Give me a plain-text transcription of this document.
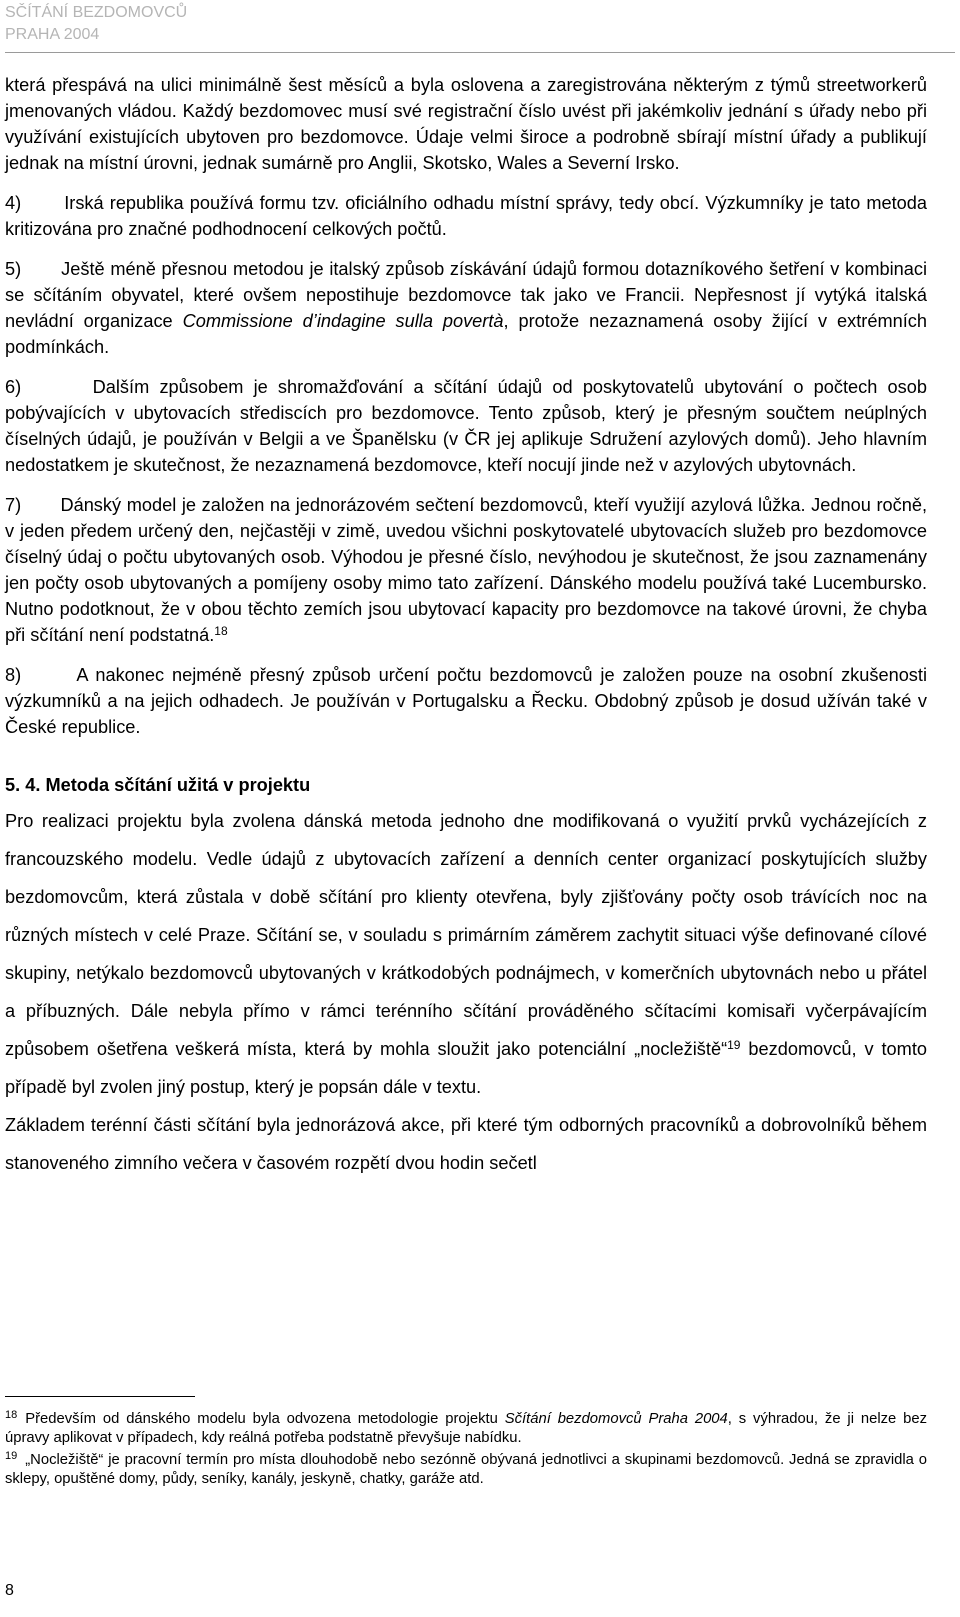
SČÍTÁNÍ BEZDOMOVCŮ
PRAHA 2004

která přespává na ulici minimálně šest měsíců a byla oslovena a zaregistrována některým z týmů streetworkerů jmenovaných vládou. Každý bezdomovec musí své registrační číslo uvést při jakémkoliv jednání s úřady nebo při využívání existujících ubytoven pro bezdomovce. Údaje velmi široce a podrobně sbírají místní úřady a publikují jednak na místní úrovni, jednak sumárně pro Anglii, Skotsko, Wales a Severní Irsko.

4)       Irská republika používá formu tzv. oficiálního odhadu místní správy, tedy obcí. Výzkumníky je tato metoda kritizována pro značné podhodnocení celkových počtů.

5)       Ještě méně přesnou metodou je italský způsob získávání údajů formou dotazníkového šetření v kombinaci se sčítáním obyvatel, které ovšem nepostihuje bezdomovce tak jako ve Francii. Nepřesnost jí vytýká italská nevládní organizace Commissione d’indagine sulla povertà, protože nezaznamená osoby žijící v extrémních podmínkách.

6)       Dalším způsobem je shromažďování a sčítání údajů od poskytovatelů ubytování o počtech osob pobývajících v ubytovacích střediscích pro bezdomovce. Tento způsob, který je přesným součtem neúplných číselných údajů, je používán v Belgii a ve Španělsku (v ČR jej aplikuje Sdružení azylových domů). Jeho hlavním nedostatkem je skutečnost, že nezaznamená bezdomovce, kteří nocují jinde než v azylových ubytovnách.

7)       Dánský model je založen na jednorázovém sečtení bezdomovců, kteří využijí azylová lůžka. Jednou ročně, v jeden předem určený den, nejčastěji v zimě, uvedou všichni poskytovatelé ubytovacích služeb pro bezdomovce číselný údaj o počtu ubytovaných osob. Výhodou je přesné číslo, nevýhodou je skutečnost, že jsou zaznamenány jen počty osob ubytovaných a pomíjeny osoby mimo tato zařízení. Dánského modelu používá také Lucembursko. Nutno podotknout, že v obou těchto zemích jsou ubytovací kapacity pro bezdomovce na takové úrovni, že chyba při sčítání není podstatná.$^{18}$

8)       A nakonec nejméně přesný způsob určení počtu bezdomovců je založen pouze na osobní zkušenosti výzkumníků a na jejich odhadech. Je používán v Portugalsku a Řecku. Obdobný způsob je dosud užíván také v České republice.

5. 4. Metoda sčítání užitá v projektu

Pro realizaci projektu byla zvolena dánská metoda jednoho dne modifikovaná o využití prvků vycházejících z francouzského modelu. Vedle údajů z ubytovacích zařízení a denních center organizací poskytujících služby bezdomovcům, která zůstala v době sčítání pro klienty otevřena, byly zjišťovány počty osob trávících noc na různých místech v celé Praze. Sčítání se, v souladu s primárním záměrem zachytit situaci výše definované cílové skupiny, netýkalo bezdomovců ubytovaných v krátkodobých podnájmech, v komerčních ubytovnách nebo u přátel a příbuzných. Dále nebyla přímo v rámci terénního sčítání prováděného sčítacími komisaři vyčerpávajícím způsobem ošetřena veškerá místa, která by mohla sloužit jako potenciální „nocležiště“$^{19}$ bezdomovců, v tomto případě byl zvolen jiný postup, který je popsán dále v textu.

Základem terénní části sčítání byla jednorázová akce, při které tým odborných pracovníků a dobrovolníků během stanoveného zimního večera v časovém rozpětí dvou hodin sečetl

$^{18}$ Především od dánského modelu byla odvozena metodologie projektu Sčítání bezdomovců Praha 2004, s výhradou, že ji nelze bez úpravy aplikovat v případech, kdy reálná potřeba podstatně převyšuje nabídku.

$^{19}$ „Nocležiště“ je pracovní termín pro místa dlouhodobě nebo sezónně obývaná jednotlivci a skupinami bezdomovců. Jedná se zpravidla o sklepy, opuštěné domy, půdy, seníky, kanály, jeskyně, chatky, garáže atd.

8
